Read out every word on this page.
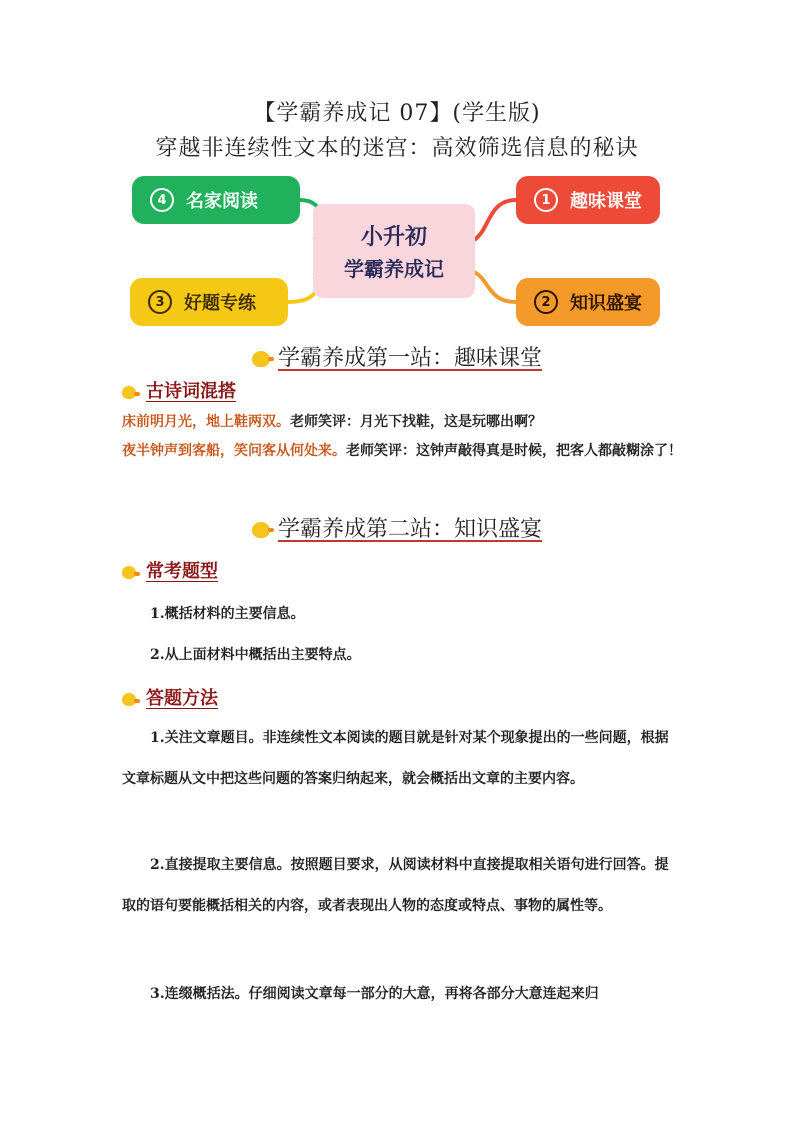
【学霸养成记 07】(学生版)
穿越非连续性文本的迷宫：高效筛选信息的秘诀
4	名家阅读	1	趣味课堂
3	好题专练	2	知识盛宴
小升初
学霸养成记
学霸养成第一站：趣味课堂
古诗词混搭
床前明月光，地上鞋两双。老师笑评：月光下找鞋，这是玩哪出啊？
夜半钟声到客船，笑问客从何处来。老师笑评：这钟声敲得真是时候，把客人都敲糊涂了！
学霸养成第二站：知识盛宴
常考题型
1.概括材料的主要信息。
2.从上面材料中概括出主要特点。
答题方法
1.关注文章题目。非连续性文本阅读的题目就是针对某个现象提出的一些问题，根据文章标题从文中把这些问题的答案归纳起来，就会概括出文章的主要内容。
2.直接提取主要信息。按照题目要求，从阅读材料中直接提取相关语句进行回答。提取的语句要能概括相关的内容，或者表现出人物的态度或特点、事物的属性等。
3.连缀概括法。仔细阅读文章每一部分的大意，再将各部分大意连起来归
